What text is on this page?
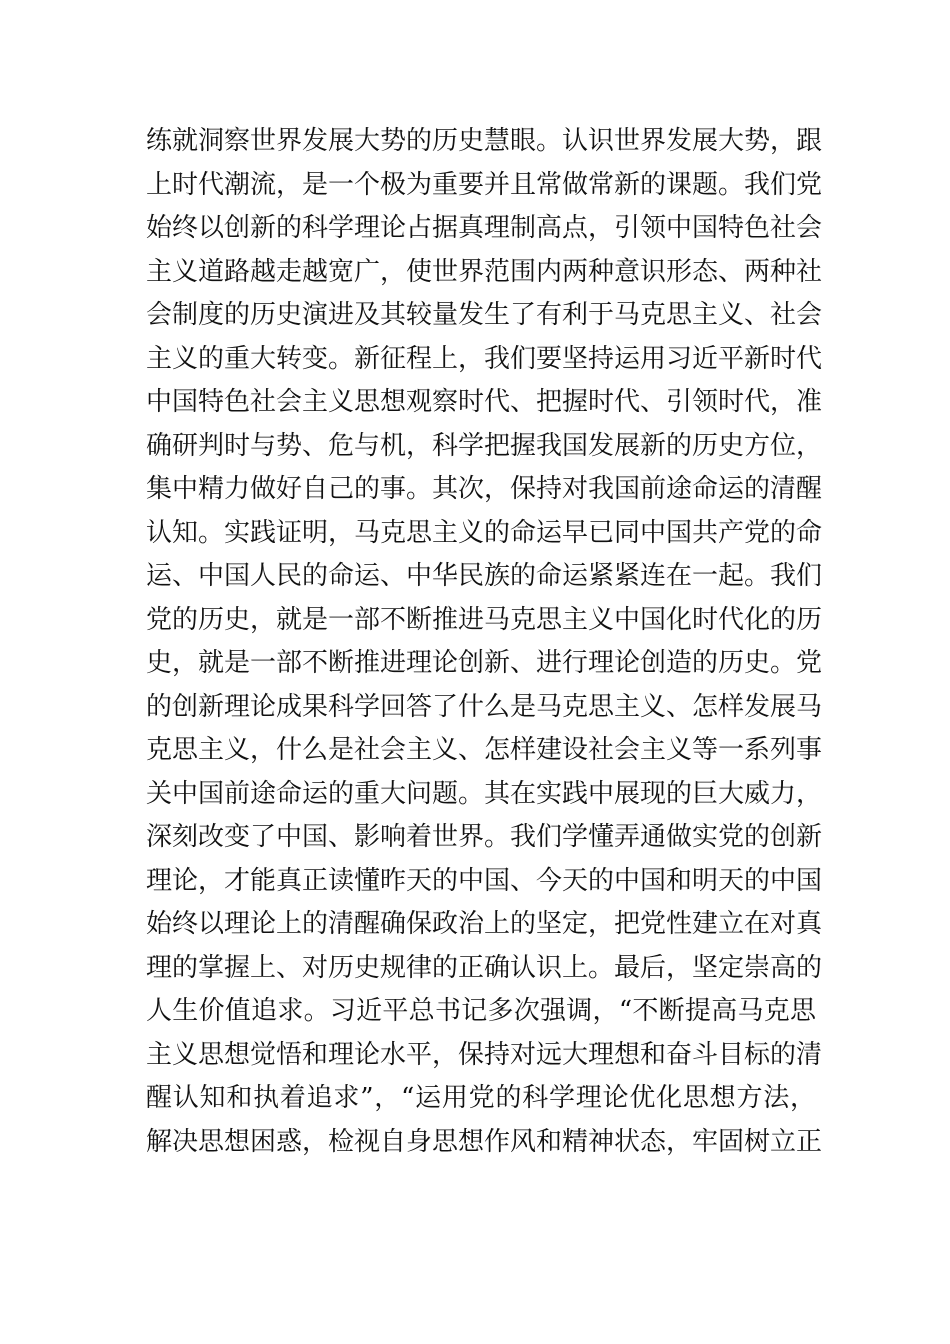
练就洞察世界发展大势的历史慧眼。认识世界发展大势，跟
上时代潮流，是一个极为重要并且常做常新的课题。我们党
始终以创新的科学理论占据真理制高点，引领中国特色社会
主义道路越走越宽广，使世界范围内两种意识形态、两种社
会制度的历史演进及其较量发生了有利于马克思主义、社会
主义的重大转变。新征程上，我们要坚持运用习近平新时代
中国特色社会主义思想观察时代、把握时代、引领时代，准
确研判时与势、危与机，科学把握我国发展新的历史方位，
集中精力做好自己的事。其次，保持对我国前途命运的清醒
认知。实践证明，马克思主义的命运早已同中国共产党的命
运、中国人民的命运、中华民族的命运紧紧连在一起。我们
党的历史，就是一部不断推进马克思主义中国化时代化的历
史，就是一部不断推进理论创新、进行理论创造的历史。党
的创新理论成果科学回答了什么是马克思主义、怎样发展马
克思主义，什么是社会主义、怎样建设社会主义等一系列事
关中国前途命运的重大问题。其在实践中展现的巨大威力，
深刻改变了中国、影响着世界。我们学懂弄通做实党的创新
理论，才能真正读懂昨天的中国、今天的中国和明天的中国
始终以理论上的清醒确保政治上的坚定，把党性建立在对真
理的掌握上、对历史规律的正确认识上。最后，坚定崇高的
人生价值追求。习近平总书记多次强调，“不断提高马克思
主义思想觉悟和理论水平，保持对远大理想和奋斗目标的清
醒认知和执着追求”，“运用党的科学理论优化思想方法，
解决思想困惑，检视自身思想作风和精神状态，牢固树立正
